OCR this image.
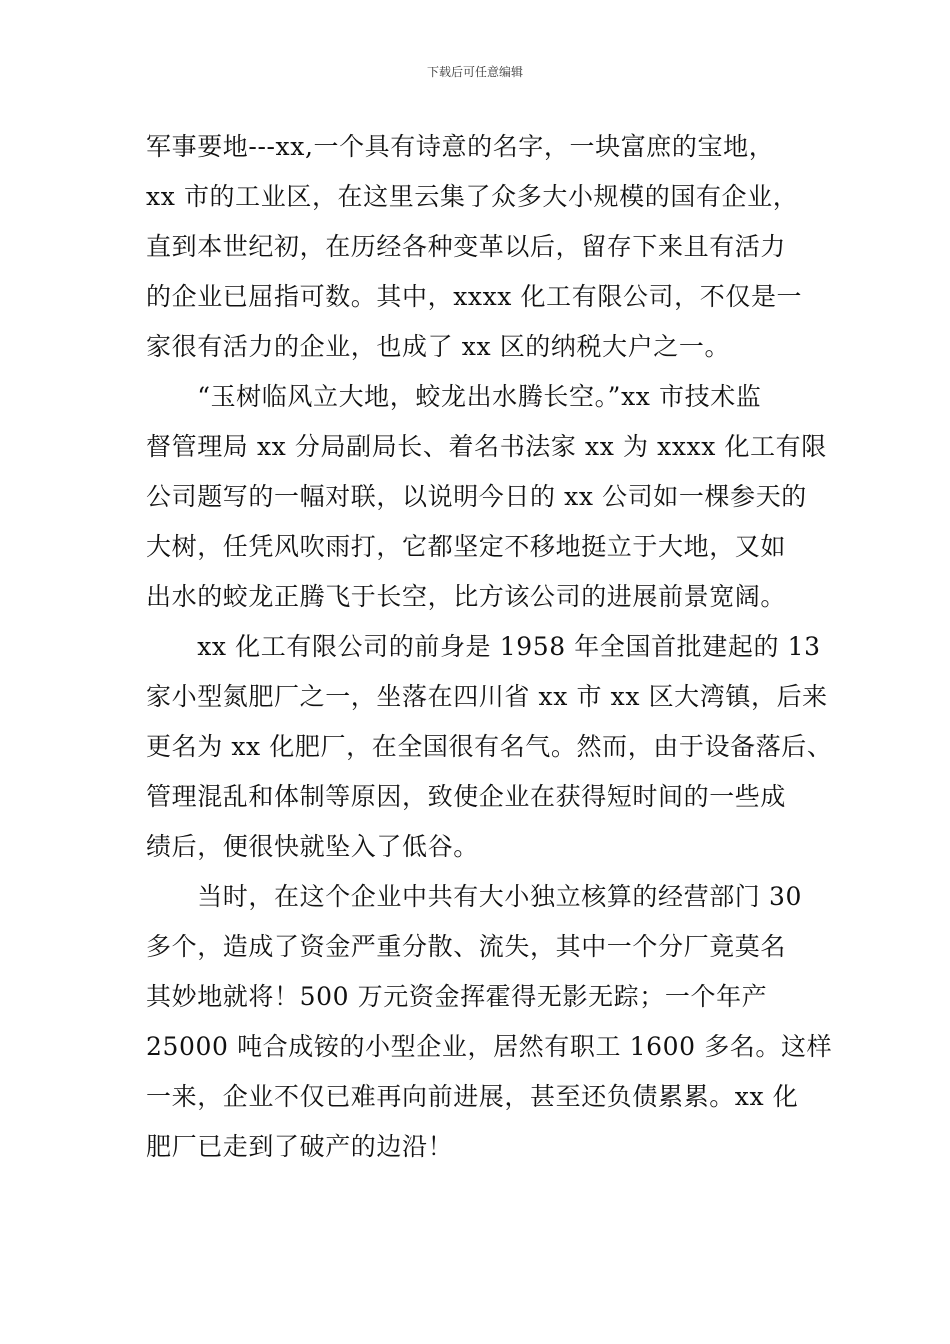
下载后可任意编辑
军事要地---xx,一个具有诗意的名字，一块富庶的宝地，
xx 市的工业区，在这里云集了众多大小规模的国有企业，
直到本世纪初，在历经各种变革以后，留存下来且有活力
的企业已屈指可数。其中，xxxx 化工有限公司，不仅是一
家很有活力的企业，也成了 xx 区的纳税大户之一。
　　“玉树临风立大地，蛟龙出水腾长空。”xx 市技术监
督管理局 xx 分局副局长、着名书法家 xx 为 xxxx 化工有限
公司题写的一幅对联，以说明今日的 xx 公司如一棵参天的
大树，任凭风吹雨打，它都坚定不移地挺立于大地，又如
出水的蛟龙正腾飞于长空，比方该公司的进展前景宽阔。
　　xx 化工有限公司的前身是 1958 年全国首批建起的 13
家小型氮肥厂之一，坐落在四川省 xx 市 xx 区大湾镇，后来
更名为 xx 化肥厂，在全国很有名气。然而，由于设备落后、
管理混乱和体制等原因，致使企业在获得短时间的一些成
绩后，便很快就坠入了低谷。
　　当时，在这个企业中共有大小独立核算的经营部门 30
多个，造成了资金严重分散、流失，其中一个分厂竟莫名
其妙地就将！500 万元资金挥霍得无影无踪；一个年产
25000 吨合成铵的小型企业，居然有职工 1600 多名。这样
一来，企业不仅已难再向前进展，甚至还负债累累。xx 化
肥厂已走到了破产的边沿！
